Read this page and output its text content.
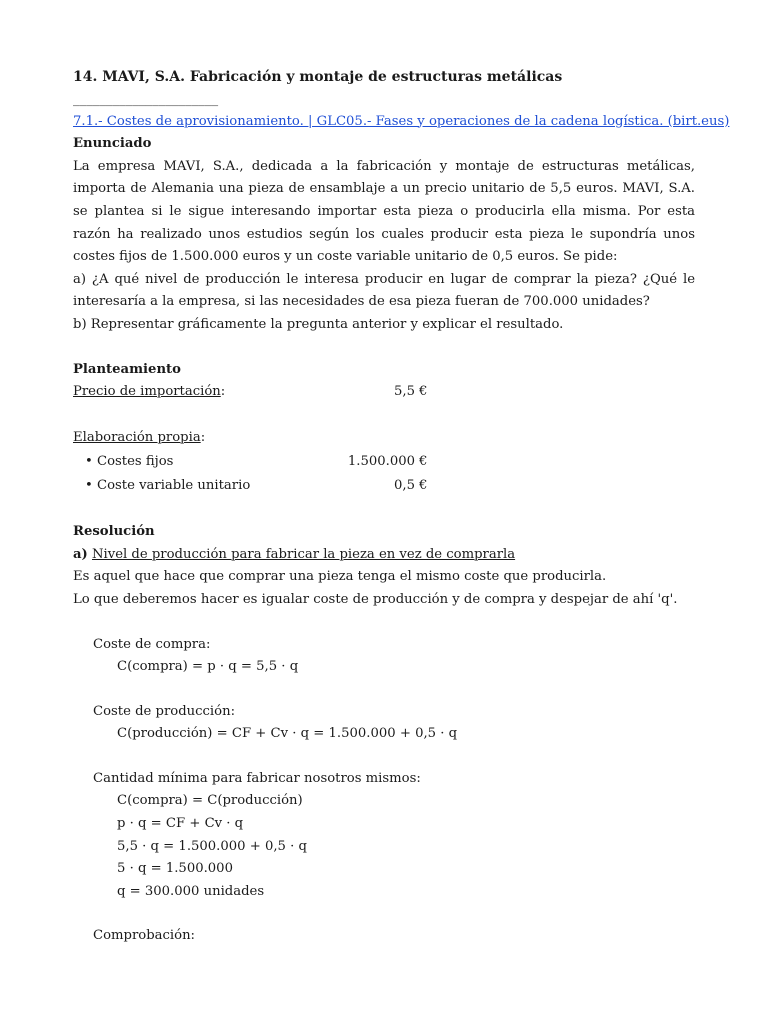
14. MAVI, S.A. Fabricación y montaje de estructuras metálicas

______________________

7.1.- Costes de aprovisionamiento. | GLC05.- Fases y operaciones de la cadena logística. (birt.eus)

Enunciado

La empresa MAVI, S.A., dedicada a la fabricación y montaje de estructuras metálicas, importa de Alemania una pieza de ensamblaje a un precio unitario de 5,5 euros. MAVI, S.A. se plantea si le sigue interesando importar esta pieza o producirla ella misma. Por esta razón ha realizado unos estudios según los cuales producir esta pieza le supondría unos costes fijos de 1.500.000 euros y un coste variable unitario de 0,5 euros. Se pide:

a) ¿A qué nivel de producción le interesa producir en lugar de comprar la pieza? ¿Qué le interesaría a la empresa, si las necesidades de esa pieza fueran de 700.000 unidades?

b) Representar gráficamente la pregunta anterior y explicar el resultado.

Planteamiento

Precio de importación:	5,5 €
Elaboración propia:
• Costes fijos	1.500.000 €
• Coste variable unitario	0,5 €

Resolución

a) Nivel de producción para fabricar la pieza en vez de comprarla

Es aquel que hace que comprar una pieza tenga el mismo coste que producirla.

Lo que deberemos hacer es igualar coste de producción y de compra y despejar de ahí 'q'.

Coste de compra:

C(compra) = p · q = 5,5 · q

Coste de producción:

C(producción) = CF + Cv · q = 1.500.000 + 0,5 · q

Cantidad mínima para fabricar nosotros mismos:

C(compra) = C(producción)

p · q = CF + Cv · q

5,5 · q = 1.500.000 + 0,5 · q

5 · q = 1.500.000

q = 300.000 unidades

Comprobación:
